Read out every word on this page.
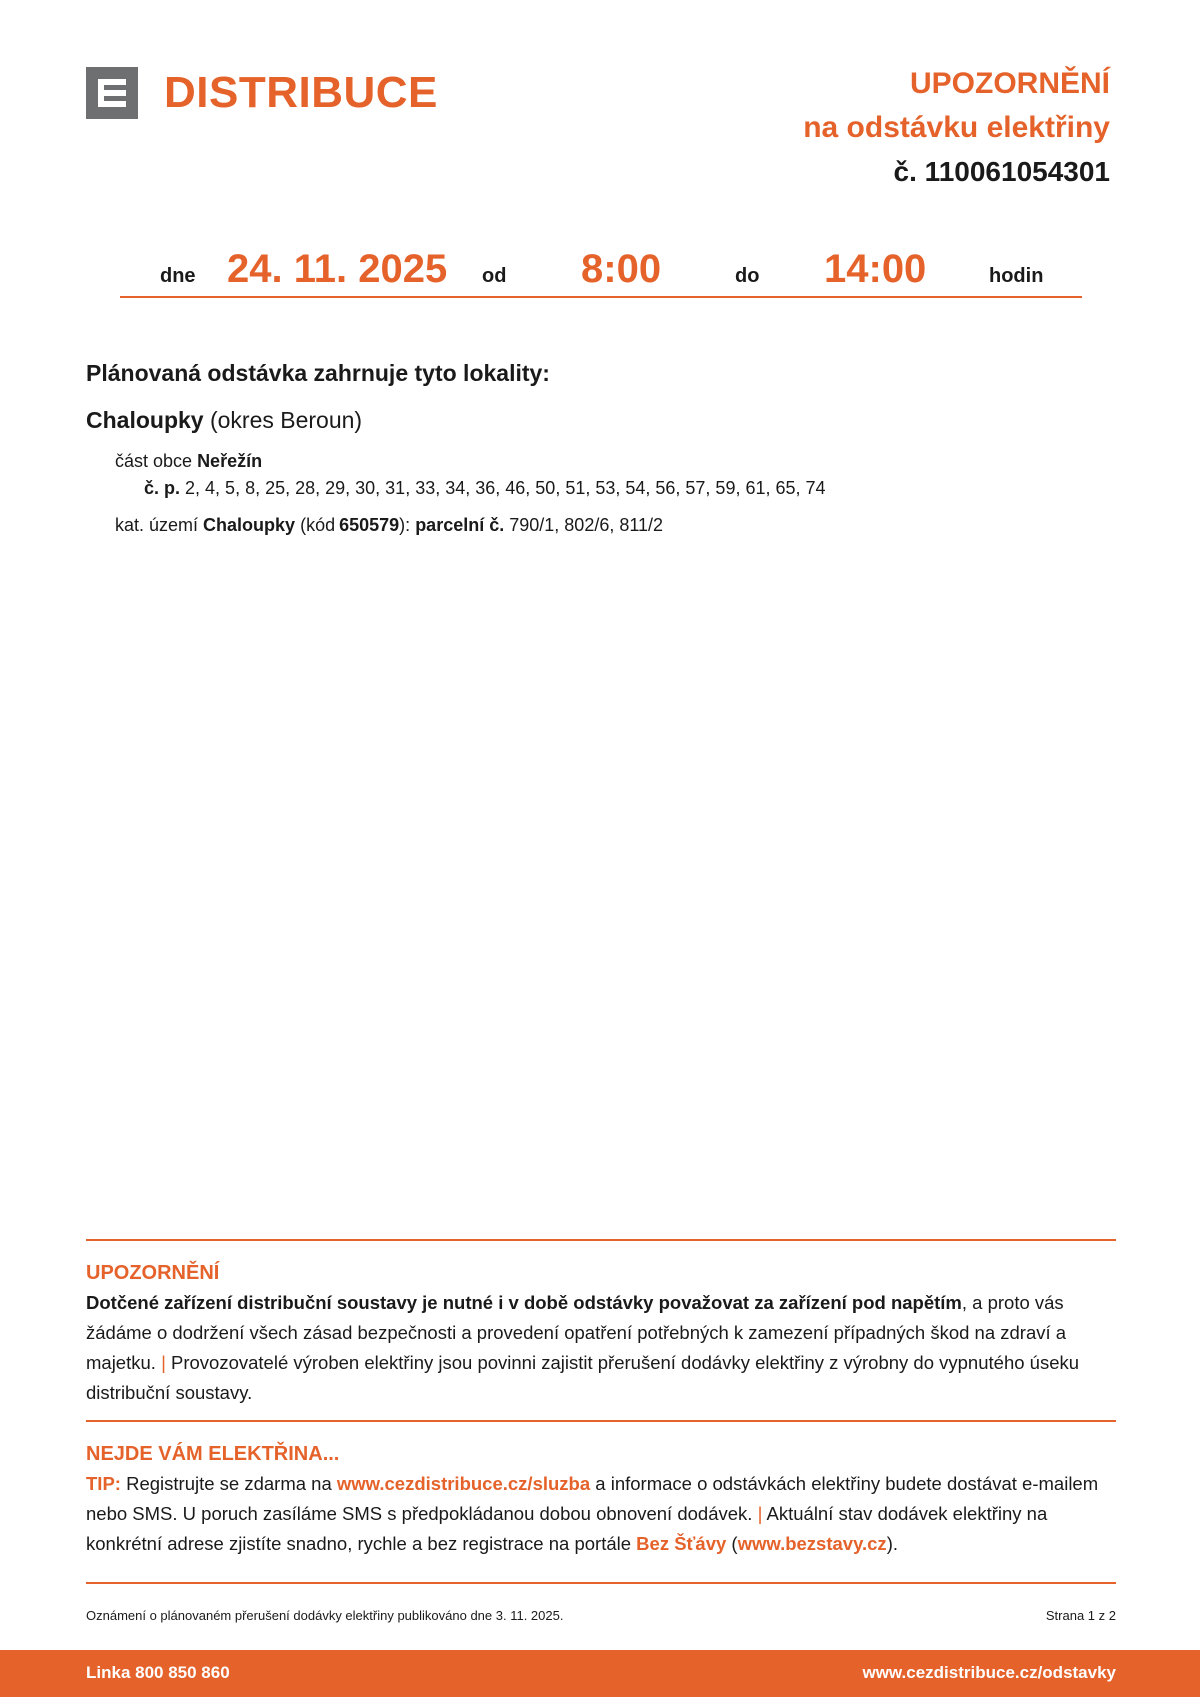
DISTRIBUCE	UPOZORNĚNÍ
na odstávku elektřiny
č. 110061054301
dne 24. 11. 2025 od 8:00	do 14:00	hodin

Plánovaná odstávka zahrnuje tyto lokality:

Chaloupky (okres Beroun)

část obce Neřežín
č. p. 2, 4, 5, 8, 25, 28, 29, 30, 31, 33, 34, 36, 46, 50, 51, 53, 54, 56, 57, 59, 61, 65, 74
kat. území Chaloupky (kód 650579): parcelní č. 790/1, 802/6, 811/2
UPOZORNĚNÍ
Dotčené zařízení distribuční soustavy je nutné i v době odstávky považovat za zařízení pod napětím, a proto vás žádáme o dodržení všech zásad bezpečnosti a provedení opatření potřebných k zamezení případných škod na zdraví a majetku. | Provozovatelé výroben elektřiny jsou povinni zajistit přerušení dodávky elektřiny z výrobny do vypnutého úseku distribuční soustavy.
NEJDE VÁM ELEKTŘINA...
TIP: Registrujte se zdarma na www.cezdistribuce.cz/sluzba a informace o odstávkách elektřiny budete dostávat e-mailem nebo SMS. U poruch zasíláme SMS s předpokládanou dobou obnovení dodávek. | Aktuální stav dodávek elektřiny na konkrétní adrese zjistíte snadno, rychle a bez registrace na portále Bez Šťávy (www.bezstavy.cz).
Oznámení o plánovaném přerušení dodávky elektřiny publikováno dne 3. 11. 2025.	Strana 1 z 2
Linka 800 850 860	www.cezdistribuce.cz/odstavky
